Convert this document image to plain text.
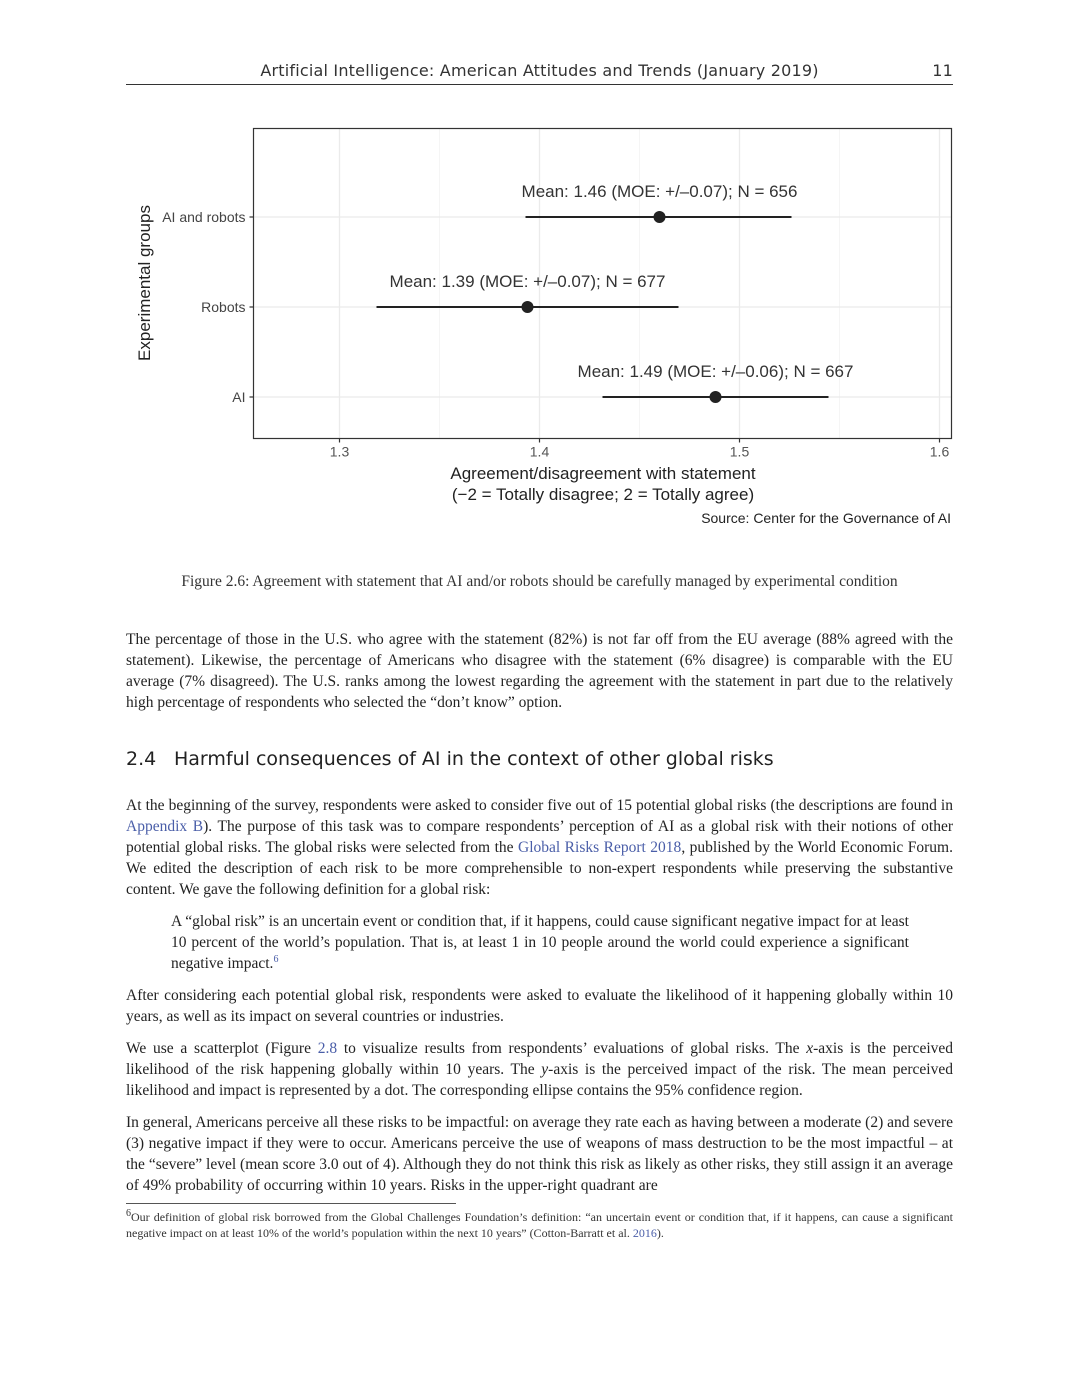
Artificial Intelligence: American Attitudes and Trends (January 2019)	11
Mean: 1.46 (MOE: +/–0.07); N = 656
Mean: 1.39 (MOE: +/–0.07); N = 677
Mean: 1.49 (MOE: +/–0.06); N = 667
AI and robots
Robots
AI
1.3	1.4	1.5	1.6
Experimental groups
Agreement/disagreement with statement
(−2 = Totally disagree; 2 = Totally agree)
Source: Center for the Governance of AI
Figure 2.6: Agreement with statement that AI and/or robots should be carefully managed by experimental condition

The percentage of those in the U.S. who agree with the statement (82%) is not far off from the EU average (88% agreed with the statement). Likewise, the percentage of Americans who disagree with the statement (6% disagree) is comparable with the EU average (7% disagreed). The U.S. ranks among the lowest regarding the agreement with the statement in part due to the relatively high percentage of respondents who selected the “don’t know” option.

2.4 Harmful consequences of AI in the context of other global risks

At the beginning of the survey, respondents were asked to consider five out of 15 potential global risks (the descriptions are found in Appendix B). The purpose of this task was to compare respondents’ perception of AI as a global risk with their notions of other potential global risks. The global risks were selected from the Global Risks Report 2018, published by the World Economic Forum. We edited the description of each risk to be more comprehensible to non-expert respondents while preserving the substantive content. We gave the following definition for a global risk:

A “global risk” is an uncertain event or condition that, if it happens, could cause significant negative impact for at least 10 percent of the world’s population. That is, at least 1 in 10 people around the world could experience a significant negative impact.$^6$

After considering each potential global risk, respondents were asked to evaluate the likelihood of it happening globally within 10 years, as well as its impact on several countries or industries.

We use a scatterplot (Figure 2.8 to visualize results from respondents’ evaluations of global risks. The x-axis is the perceived likelihood of the risk happening globally within 10 years. The y-axis is the perceived impact of the risk. The mean perceived likelihood and impact is represented by a dot. The corresponding ellipse contains the 95% confidence region.

In general, Americans perceive all these risks to be impactful: on average they rate each as having between a moderate (2) and severe (3) negative impact if they were to occur. Americans perceive the use of weapons of mass destruction to be the most impactful – at the “severe” level (mean score 3.0 out of 4). Although they do not think this risk as likely as other risks, they still assign it an average of 49% probability of occurring within 10 years. Risks in the upper-right quadrant are

$^6$Our definition of global risk borrowed from the Global Challenges Foundation’s definition: “an uncertain event or condition that, if it happens, can cause a significant negative impact on at least 10% of the world’s population within the next 10 years” (Cotton-Barratt et al. 2016).
